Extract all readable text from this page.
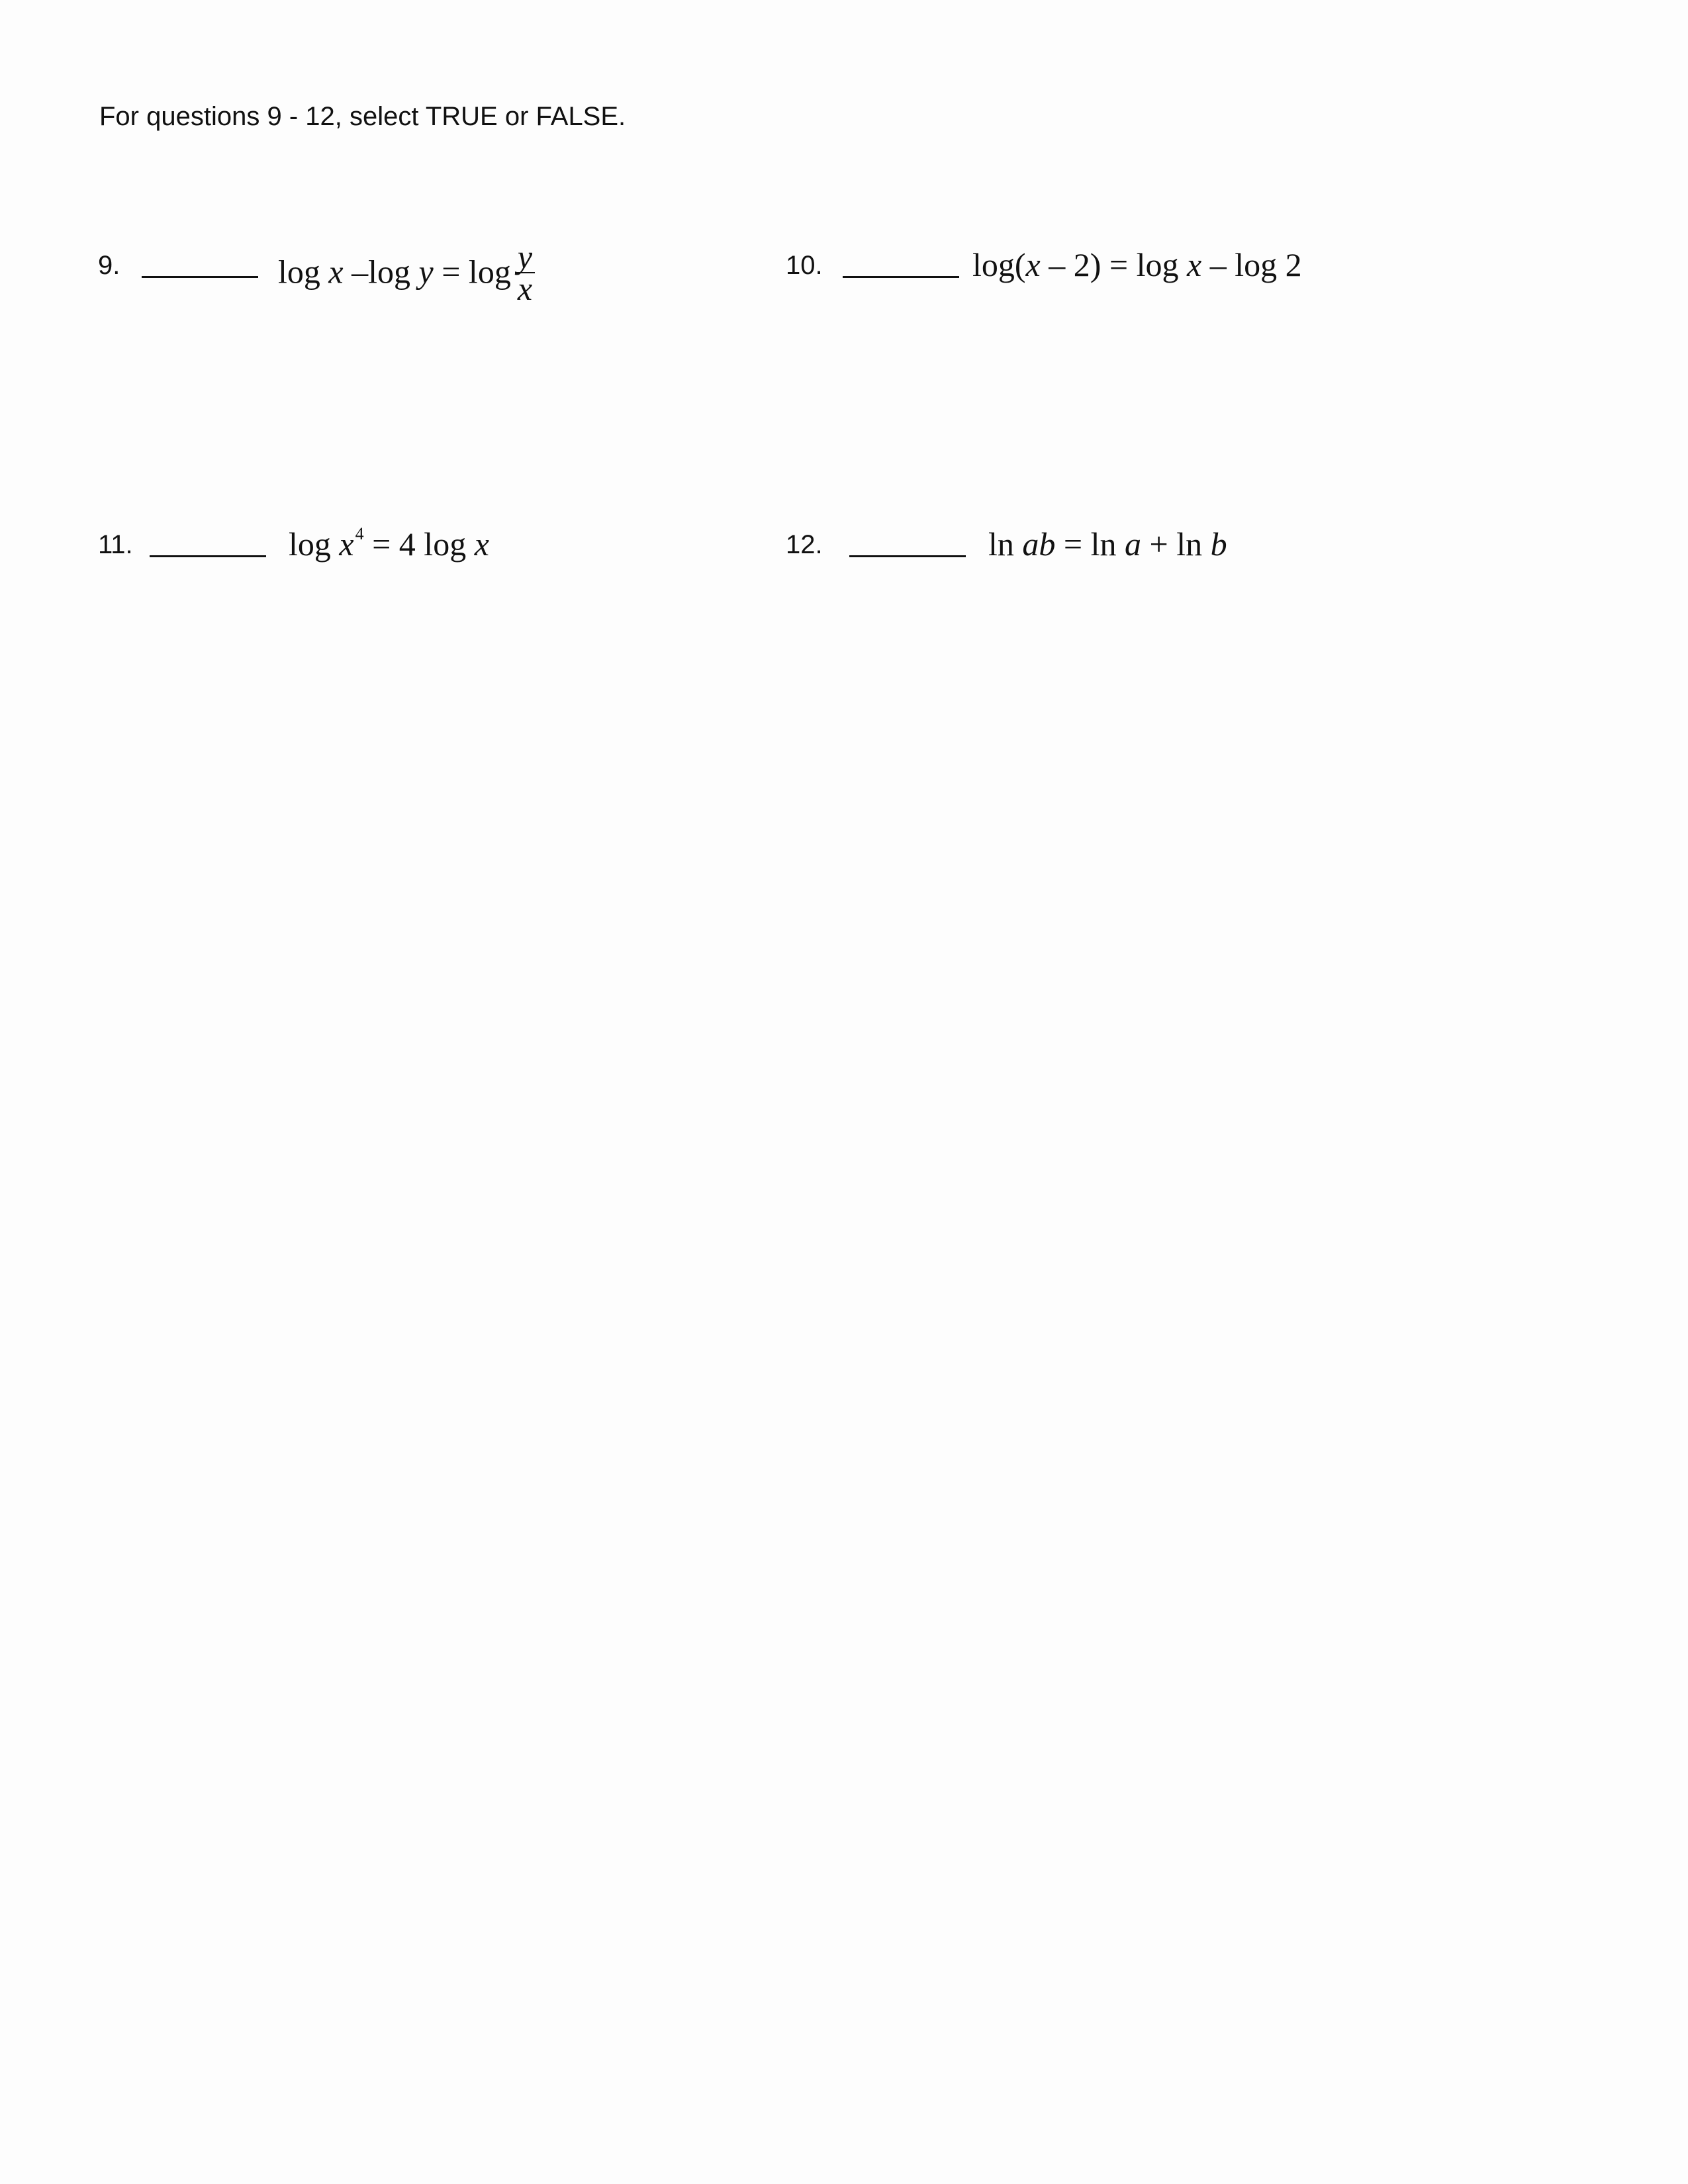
For questions 9 - 12, select TRUE or FALSE.
9.	log x –log $y = \log \frac{y}{x}$	10.	log(x – 2) = log x – log 2
11.	$\log x^4 = 4$ log x	12.	ln ab = ln a + ln b
